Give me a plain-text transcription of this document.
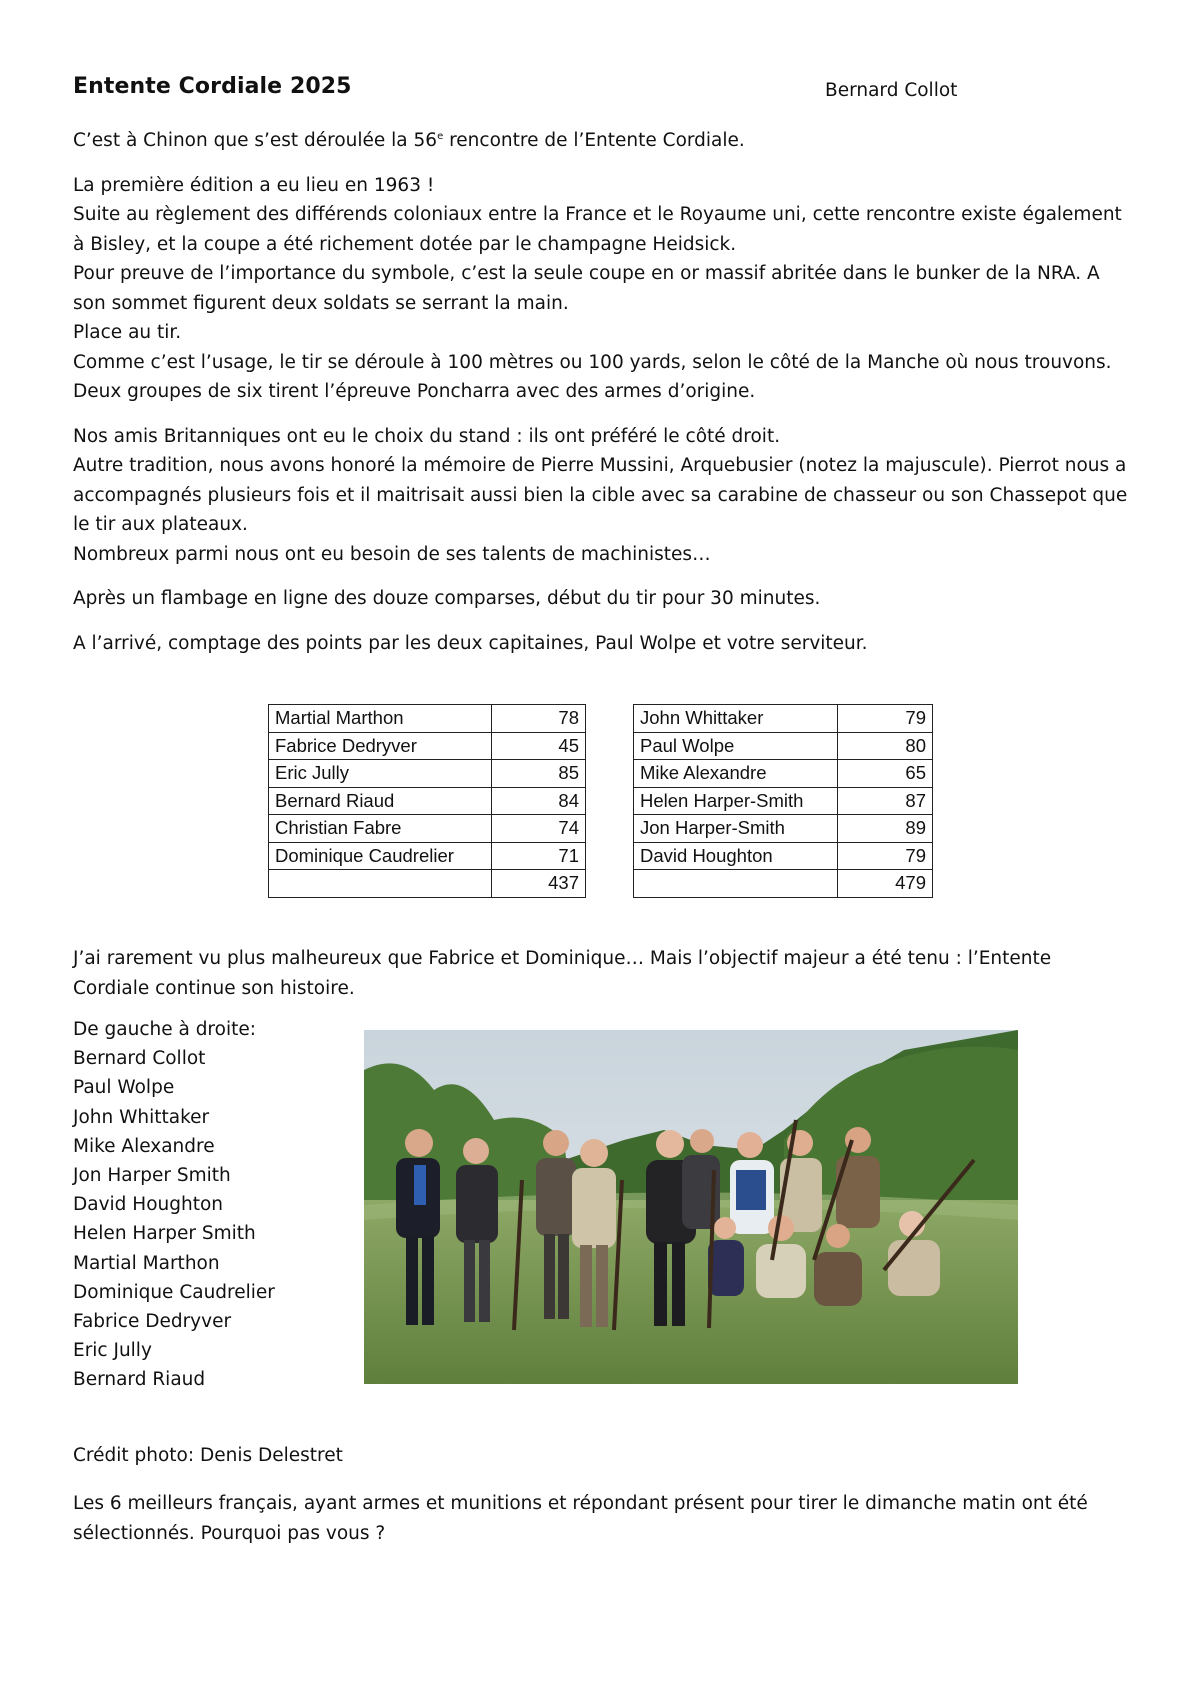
Entente Cordiale 2025	Bernard Collot

C’est à Chinon que s’est déroulée la 56e rencontre de l’Entente Cordiale.

La première édition a eu lieu en 1963 !
Suite au règlement des différends coloniaux entre la France et le Royaume uni, cette rencontre existe également à Bisley, et la coupe a été richement dotée par le champagne Heidsick.
Pour preuve de l’importance du symbole, c’est la seule coupe en or massif abritée dans le bunker de la NRA. A son sommet figurent deux soldats se serrant la main.
Place au tir.
Comme c’est l’usage, le tir se déroule à 100 mètres ou 100 yards, selon le côté de la Manche où nous trouvons.
Deux groupes de six tirent l’épreuve Poncharra avec des armes d’origine.

Nos amis Britanniques ont eu le choix du stand : ils ont préféré le côté droit.
Autre tradition, nous avons honoré la mémoire de Pierre Mussini, Arquebusier (notez la majuscule). Pierrot nous a accompagnés plusieurs fois et il maitrisait aussi bien la cible avec sa carabine de chasseur ou son Chassepot que le tir aux plateaux.
Nombreux parmi nous ont eu besoin de ses talents de machinistes…

Après un flambage en ligne des douze comparses, début du tir pour 30 minutes.

A l’arrivé, comptage des points par les deux capitaines, Paul Wolpe et votre serviteur.

Martial Marthon	78
Fabrice Dedryver	45
Eric Jully	85
Bernard Riaud	84
Christian Fabre	74
Dominique Caudrelier	71
	437
John Whittaker	79
Paul Wolpe	80
Mike Alexandre	65
Helen Harper-Smith	87
Jon Harper-Smith	89
David Houghton	79
	479

J’ai rarement vu plus malheureux que Fabrice et Dominique… Mais l’objectif majeur a été tenu : l’Entente Cordiale continue son histoire.

De gauche à droite:
Bernard Collot
Paul Wolpe
John Whittaker
Mike Alexandre
Jon Harper Smith
David Houghton
Helen Harper Smith
Martial Marthon
Dominique Caudrelier
Fabrice Dedryver
Eric Jully
Bernard Riaud

Crédit photo: Denis Delestret

Les 6 meilleurs français, ayant armes et munitions et répondant présent pour tirer le dimanche matin ont été sélectionnés. Pourquoi pas vous ?
